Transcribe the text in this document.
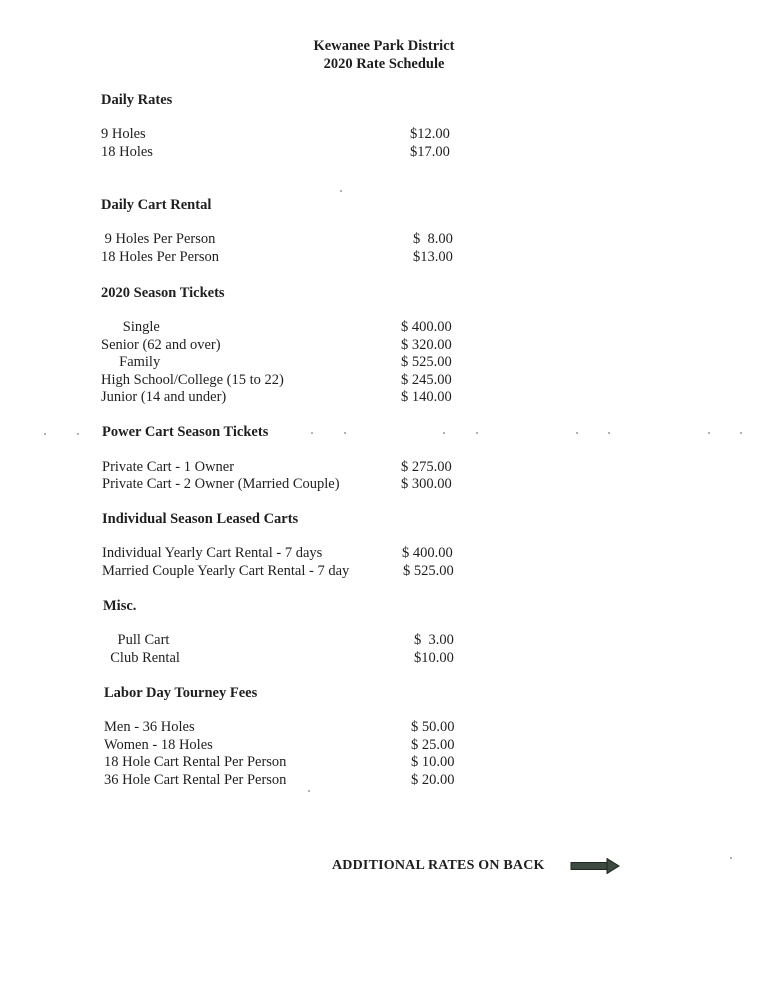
Kewanee Park District
2020 Rate Schedule
Daily Rates
9 Holes	$12.00
18 Holes	$17.00
Daily Cart Rental
9 Holes Per Person	$  8.00
18 Holes Per Person	$13.00
2020 Season Tickets
Single	$ 400.00
Senior (62 and over)	$ 320.00
Family	$ 525.00
High School/College (15 to 22)	$ 245.00
Junior (14 and under)	$ 140.00
Power Cart Season Tickets
Private Cart - 1 Owner	$ 275.00
Private Cart - 2 Owner (Married Couple)	$ 300.00
Individual Season Leased Carts
Individual Yearly Cart Rental - 7 days	$ 400.00
Married Couple Yearly Cart Rental - 7 day	$ 525.00
Misc.
Pull Cart	$  3.00
Club Rental	$10.00
Labor Day Tourney Fees
Men - 36 Holes	$ 50.00
Women - 18 Holes	$ 25.00
18 Hole Cart Rental Per Person	$ 10.00
36 Hole Cart Rental Per Person	$ 20.00
ADDITIONAL RATES ON BACK
